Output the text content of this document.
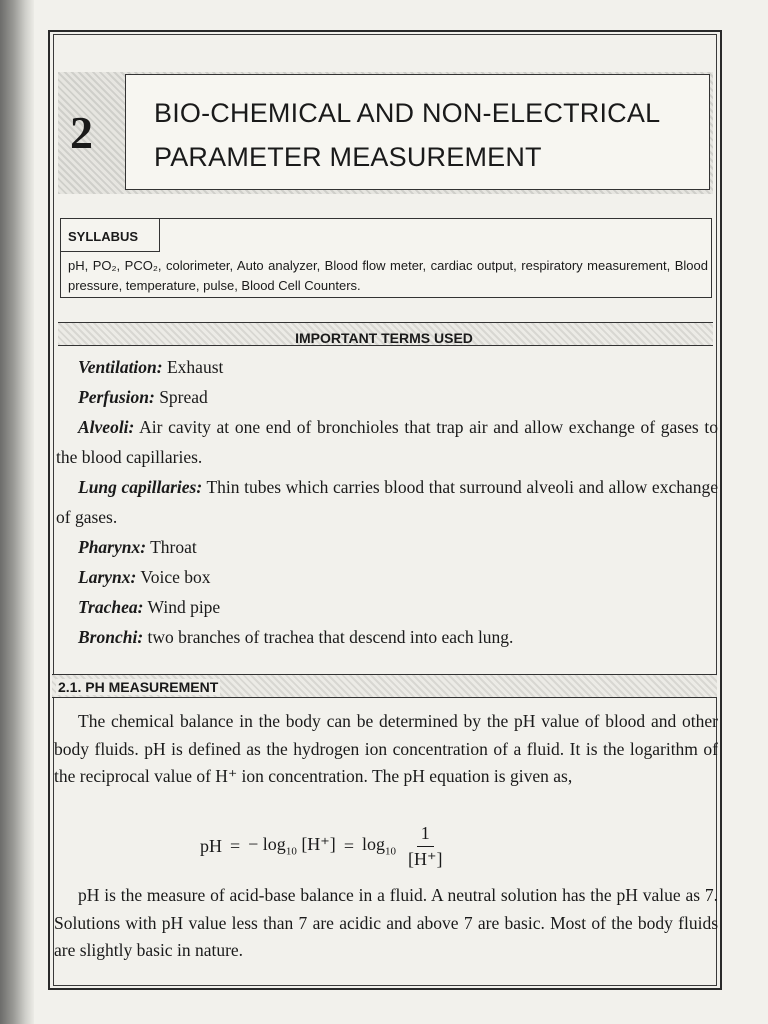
2 BIO-CHEMICAL AND NON-ELECTRICAL
PARAMETER MEASUREMENT
SYLLABUS
pH, PO₂, PCO₂, colorimeter, Auto analyzer, Blood flow meter, cardiac output, respiratory measurement, Blood pressure, temperature, pulse, Blood Cell Counters.
IMPORTANT TERMS USED

Ventilation: Exhaust

Perfusion: Spread

Alveoli: Air cavity at one end of bronchioles that trap air and allow exchange of gases to the blood capillaries.

Lung capillaries: Thin tubes which carries blood that surround alveoli and allow exchange of gases.

Pharynx: Throat

Larynx: Voice box

Trachea: Wind pipe

Bronchi: two branches of trachea that descend into each lung.

2.1. PH MEASUREMENT

The chemical balance in the body can be determined by the pH value of blood and other body fluids. pH is defined as the hydrogen ion concentration of a fluid. It is the logarithm of the reciprocal value of H⁺ ion concentration. The pH equation is given as,

pH = − $\log_{10} [H^+] = \log_{10} \frac{1}{[H^+]}$

pH is the measure of acid-base balance in a fluid. A neutral solution has the pH value as 7. Solutions with pH value less than 7 are acidic and above 7 are basic. Most of the body fluids are slightly basic in nature.
